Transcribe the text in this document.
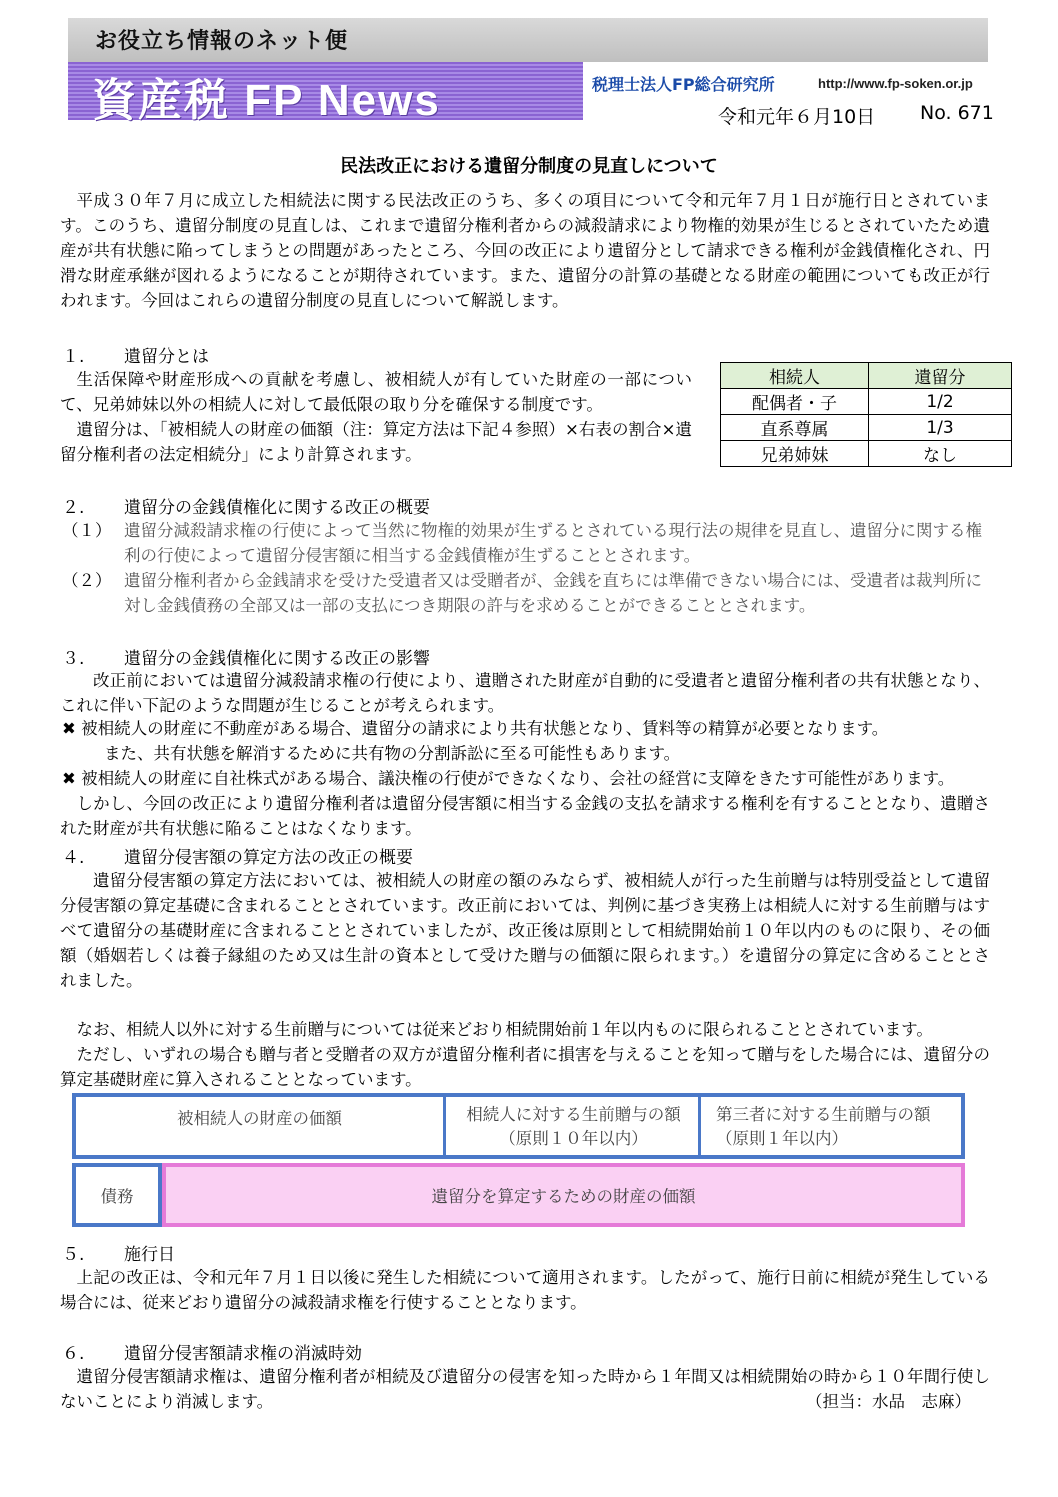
お役立ち情報のネット便
資産税 FP News	税理士法人FP総合研究所	http://www.fp-soken.or.jp
令和元年６月10日 No. 671
民法改正における遺留分制度の見直しについて
平成３０年７月に成立した相続法に関する民法改正のうち、多くの項目について令和元年７月１日が施行日とされています。このうち、遺留分制度の見直しは、これまで遺留分権利者からの減殺請求により物権的効果が生じるとされていたため遺産が共有状態に陥ってしまうとの問題があったところ、今回の改正により遺留分として請求できる権利が金銭債権化され、円滑な財産承継が図れるようになることが期待されています。また、遺留分の計算の基礎となる財産の範囲についても改正が行われます。今回はこれらの遺留分制度の見直しについて解説します。
１. 遺留分とは
生活保障や財産形成への貢献を考慮し、被相続人が有していた財産の一部について、兄弟姉妹以外の相続人に対して最低限の取り分を確保する制度です。
遺留分は、「被相続人の財産の価額（注：算定方法は下記４参照）×右表の割合×遺留分権利者の法定相続分」により計算されます。
相続人	遺留分
配偶者・子	1/2
直系尊属	1/3
兄弟姉妹	なし
２. 遺留分の金銭債権化に関する改正の概要
（１） 遺留分減殺請求権の行使によって当然に物権的効果が生ずるとされている現行法の規律を見直し、遺留分に関する権利の行使によって遺留分侵害額に相当する金銭債権が生ずることとされます。
（２） 遺留分権利者から金銭請求を受けた受遺者又は受贈者が、金銭を直ちには準備できない場合には、受遺者は裁判所に対し金銭債務の全部又は一部の支払につき期限の許与を求めることができることとされます。
３. 遺留分の金銭債権化に関する改正の影響
改正前においては遺留分減殺請求権の行使により、遺贈された財産が自動的に受遺者と遺留分権利者の共有状態となり、これに伴い下記のような問題が生じることが考えられます。
✖ 被相続人の財産に不動産がある場合、遺留分の請求により共有状態となり、賃料等の精算が必要となります。
また、共有状態を解消するために共有物の分割訴訟に至る可能性もあります。
✖ 被相続人の財産に自社株式がある場合、議決権の行使ができなくなり、会社の経営に支障をきたす可能性があります。
しかし、今回の改正により遺留分権利者は遺留分侵害額に相当する金銭の支払を請求する権利を有することとなり、遺贈された財産が共有状態に陥ることはなくなります。
４. 遺留分侵害額の算定方法の改正の概要
遺留分侵害額の算定方法においては、被相続人の財産の額のみならず、被相続人が行った生前贈与は特別受益として遺留分侵害額の算定基礎に含まれることとされています。改正前においては、判例に基づき実務上は相続人に対する生前贈与はすべて遺留分の基礎財産に含まれることとされていましたが、改正後は原則として相続開始前１０年以内のものに限り、その価額（婚姻若しくは養子縁組のため又は生計の資本として受けた贈与の価額に限られます。）を遺留分の算定に含めることとされました。
なお、相続人以外に対する生前贈与については従来どおり相続開始前１年以内ものに限られることとされています。
ただし、いずれの場合も贈与者と受贈者の双方が遺留分権利者に損害を与えることを知って贈与をした場合には、遺留分の算定基礎財産に算入されることとなっています。
被相続人の財産の価額	相続人に対する生前贈与の額
（原則１０年以内）
第三者に対する生前贈与の額
（原則１年以内）
債務	遺留分を算定するための財産の価額
５. 施行日
上記の改正は、令和元年７月１日以後に発生した相続について適用されます。したがって、施行日前に相続が発生している場合には、従来どおり遺留分の減殺請求権を行使することとなります。
６. 遺留分侵害額請求権の消滅時効
遺留分侵害額請求権は、遺留分権利者が相続及び遺留分の侵害を知った時から１年間又は相続開始の時から１０年間行使しないことにより消滅します。	（担当：水品　志麻）
